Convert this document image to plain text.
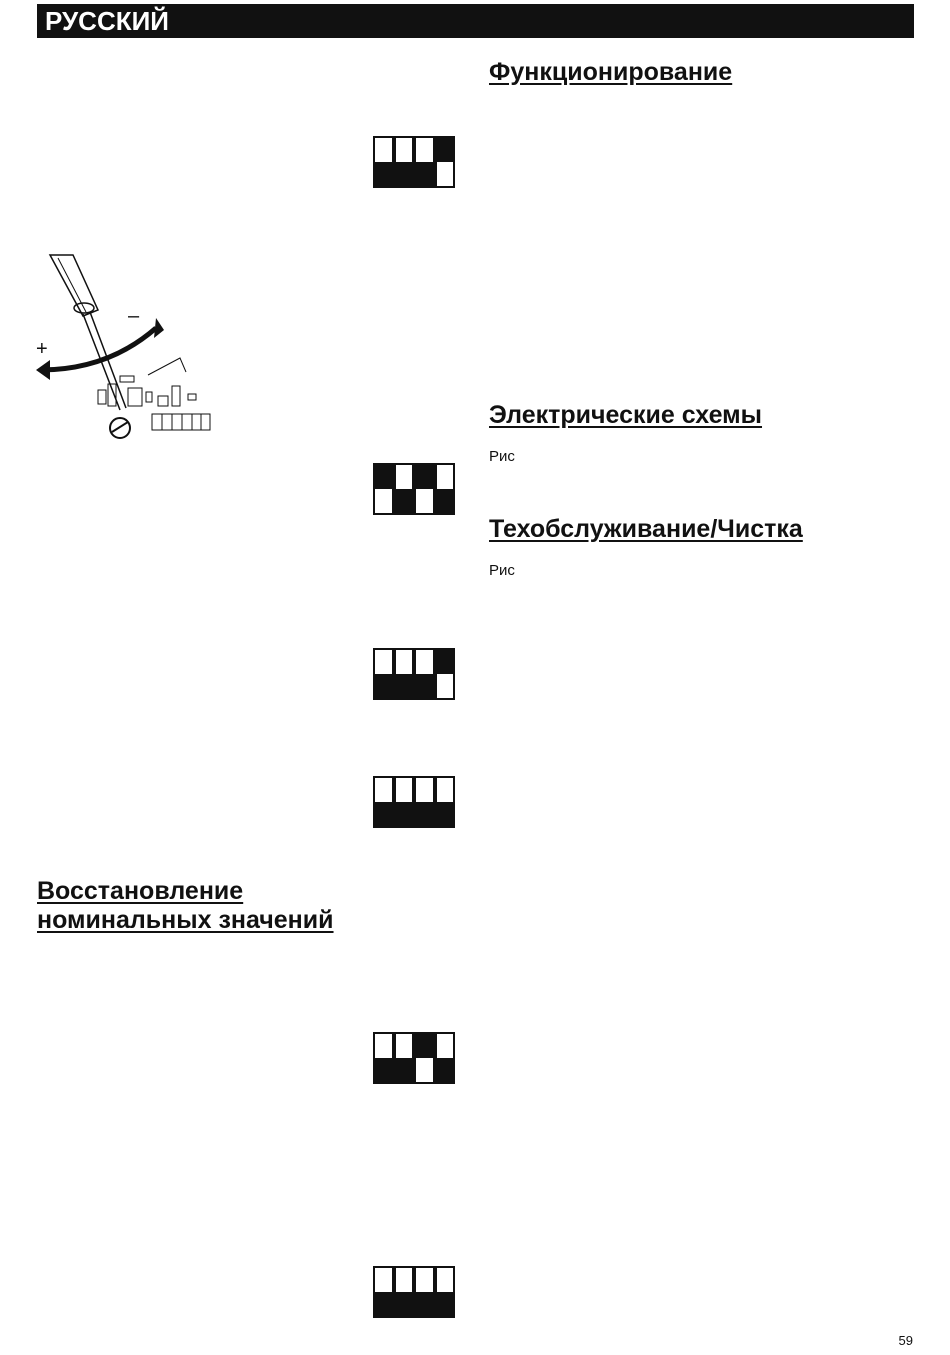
РУССКИЙ
Функционирование
Электрические схемы
Рис
Техобслуживание/Чистка
Рис
Восстановление
номинальных значений
+
–
59
